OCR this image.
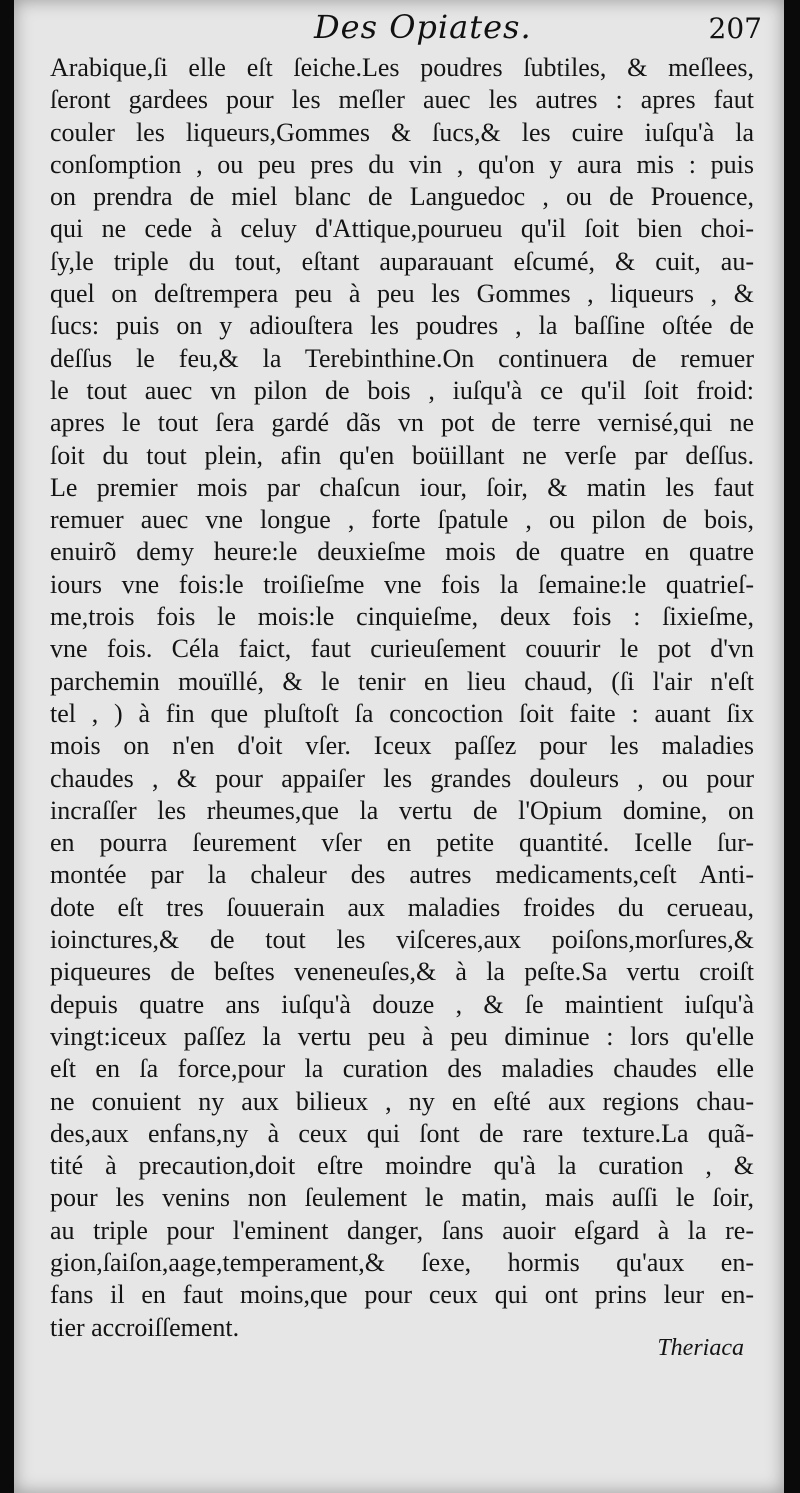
Des Opiates.	207
Arabique,ſi elle eſt ſeiche.Les poudres ſubtiles, & meſlees,
ſeront gardees pour les meſler auec les autres : apres faut
couler les liqueurs,Gommes & ſucs,& les cuire iuſqu'à la
conſomption , ou peu pres du vin , qu'on y aura mis : puis
on prendra de miel blanc de Languedoc , ou de Prouence,
qui ne cede à celuy d'Attique,pourueu qu'il ſoit bien choi-
ſy,le triple du tout, eſtant auparauant eſcumé, & cuit, au-
quel on deſtrempera peu à peu les Gommes , liqueurs , &
ſucs: puis on y adiouſtera les poudres , la baſſine oſtée de
deſſus le feu,& la Terebinthine.On continuera de remuer
le tout auec vn pilon de bois , iuſqu'à ce qu'il ſoit froid:
apres le tout ſera gardé dãs vn pot de terre vernisé,qui ne
ſoit du tout plein, afin qu'en boüillant ne verſe par deſſus.
Le premier mois par chaſcun iour, ſoir, & matin les faut
remuer auec vne longue , forte ſpatule , ou pilon de bois,
enuirõ demy heure:le deuxieſme mois de quatre en quatre
iours vne fois:le troiſieſme vne fois la ſemaine:le quatrieſ-
me,trois fois le mois:le cinquieſme, deux fois : ſixieſme,
vne fois. Céla faict, faut curieuſement couurir le pot d'vn
parchemin mouïllé, & le tenir en lieu chaud, (ſi l'air n'eſt
tel , ) à fin que pluſtoſt ſa concoction ſoit faite : auant ſix
mois on n'en d'oit vſer. Iceux paſſez pour les maladies
chaudes , & pour appaiſer les grandes douleurs , ou pour
incraſſer les rheumes,que la vertu de l'Opium domine, on
en pourra ſeurement vſer en petite quantité. Icelle ſur-
montée par la chaleur des autres medicaments,ceſt Anti-
dote eſt tres ſouuerain aux maladies froides du cerueau,
ioinctures,& de tout les viſceres,aux poiſons,morſures,&
piqueures de beſtes veneneuſes,& à la peſte.Sa vertu croiſt
depuis quatre ans iuſqu'à douze , & ſe maintient iuſqu'à
vingt:iceux paſſez la vertu peu à peu diminue : lors qu'elle
eſt en ſa force,pour la curation des maladies chaudes elle
ne conuient ny aux bilieux , ny en eſté aux regions chau-
des,aux enfans,ny à ceux qui ſont de rare texture.La quã-
tité à precaution,doit eſtre moindre qu'à la curation , &
pour les venins non ſeulement le matin, mais auſſi le ſoir,
au triple pour l'eminent danger, ſans auoir eſgard à la re-
gion,ſaiſon,aage,temperament,& ſexe, hormis qu'aux en-
fans il en faut moins,que pour ceux qui ont prins leur en-
tier accroiſſement.
Theriaca
